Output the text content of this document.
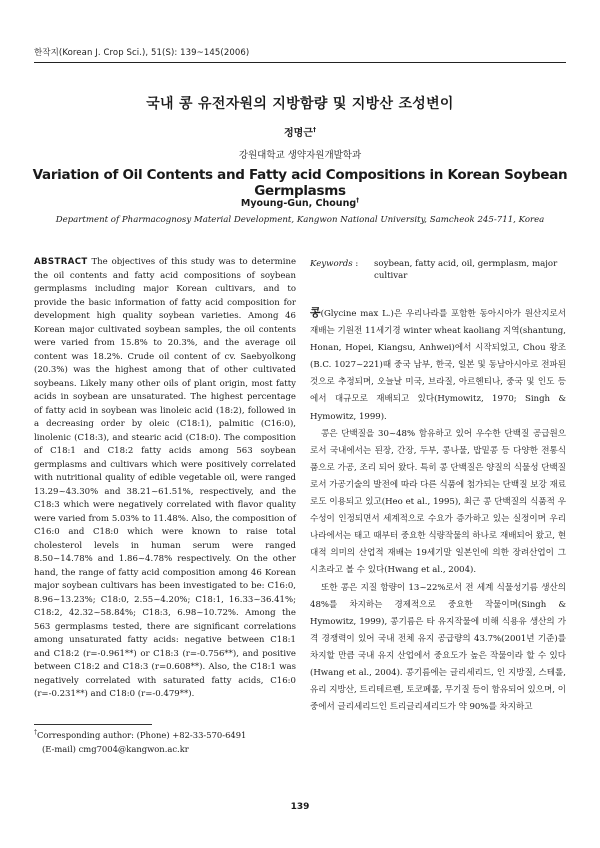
한작지(Korean J. Crop Sci.), 51(S): 139~145(2006)
국내 콩 유전자원의 지방함량 및 지방산 조성변이
정명근†
강원대학교 생약자원개발학과
Variation of Oil Contents and Fatty acid Compositions in Korean Soybean Germplasms
Myoung-Gun, Choung†
Department of Pharmacognosy Material Development, Kangwon National University, Samcheok 245-711, Korea
ABSTRACT The objectives of this study was to determine the oil contents and fatty acid compositions of soybean germplasms including major Korean cultivars, and to provide the basic information of fatty acid composition for development high quality soybean varieties. Among 46 Korean major cultivated soybean samples, the oil contents were varied from 15.8% to 20.3%, and the average oil content was 18.2%. Crude oil content of cv. Saebyolkong (20.3%) was the highest among that of other cultivated soybeans. Likely many other oils of plant origin, most fatty acids in soybean are unsaturated. The highest percentage of fatty acid in soybean was linoleic acid (18:2), followed in a decreasing order by oleic (C18:1), palmitic (C16:0), linolenic (C18:3), and stearic acid (C18:0). The composition of C18:1 and C18:2 fatty acids among 563 soybean germplasms and cultivars which were positively correlated with nutritional quality of edible vegetable oil, were ranged 13.29~43.30% and 38.21~61.51%, respectively, and the C18:3 which were negatively correlated with flavor quality were varied from 5.03% to 11.48%. Also, the composition of C16:0 and C18:0 which were known to raise total cholesterol levels in human serum were ranged 8.50~14.78% and 1.86~4.78% respectively. On the other hand, the range of fatty acid composition among 46 Korean major soybean cultivars has been investigated to be: C16:0, 8.96~13.23%; C18:0, 2.55~4.20%; C18:1, 16.33~36.41%; C18:2, 42.32~58.84%; C18:3, 6.98~10.72%. Among the 563 germplasms tested, there are significant correlations among unsaturated fatty acids: negative between C18:1 and C18:2 (r=-0.961**) or C18:3 (r=-0.756**), and positive between C18:2 and C18:3 (r=0.608**). Also, the C18:1 was negatively correlated with saturated fatty acids, C16:0 (r=-0.231**) and C18:0 (r=-0.479**).
†Corresponding author: (Phone) +82-33-570-6491
(E-mail) cmg7004@kangwon.ac.kr
Keywords :	soybean, fatty acid, oil, germplasm, major cultivar

콩(Glycine max L.)은 우리나라를 포함한 동아시아가 원산지로서 재배는 기원전 11세기경 winter wheat kaoliang 지역(shantung, Honan, Hopei, Kiangsu, Anhwei)에서 시작되었고, Chou 왕조(B.C. 1027~221)때 중국 남부, 한국, 일본 및 동남아시아로 전파된 것으로 추정되며, 오늘날 미국, 브라질, 아르헨티나, 중국 및 인도 등에서 대규모로 재배되고 있다(Hymowitz, 1970; Singh & Hymowitz, 1999).

콩은 단백질을 30~48% 함유하고 있어 우수한 단백질 공급원으로서 국내에서는 된장, 간장, 두부, 콩나물, 밥밑콩 등 다양한 전통식품으로 가공, 조리 되어 왔다. 특히 콩 단백질은 양질의 식물성 단백질로서 가공기술의 발전에 따라 다른 식품에 첨가되는 단백질 보강 재료로도 이용되고 있고(Heo et al., 1995), 최근 콩 단백질의 식품적 우수성이 인정되면서 세계적으로 수요가 증가하고 있는 실정이며 우리나라에서는 태고 때부터 중요한 식량작물의 하나로 재배되어 왔고, 현대적 의미의 산업적 재배는 19세기말 일본인에 의한 장려산업이 그 시초라고 볼 수 있다(Hwang et al., 2004).

또한 콩은 지질 함량이 13~22%로서 전 세계 식물성기름 생산의 48%를 차지하는 경제적으로 중요한 작물이며(Singh & Hymowitz, 1999), 콩기름은 타 유지작물에 비해 식용유 생산의 가격 경쟁력이 있어 국내 전체 유지 공급량의 43.7%(2001년 기준)를 차지할 만큼 국내 유지 산업에서 중요도가 높은 작물이라 할 수 있다(Hwang et al., 2004). 콩기름에는 글리세리드, 인 지방질, 스테롤, 유리 지방산, 트리테르펜, 토코페롤, 무기질 등이 함유되어 있으며, 이 중에서 글리세리드인 트리글리세리드가 약 90%를 차지하고

139
